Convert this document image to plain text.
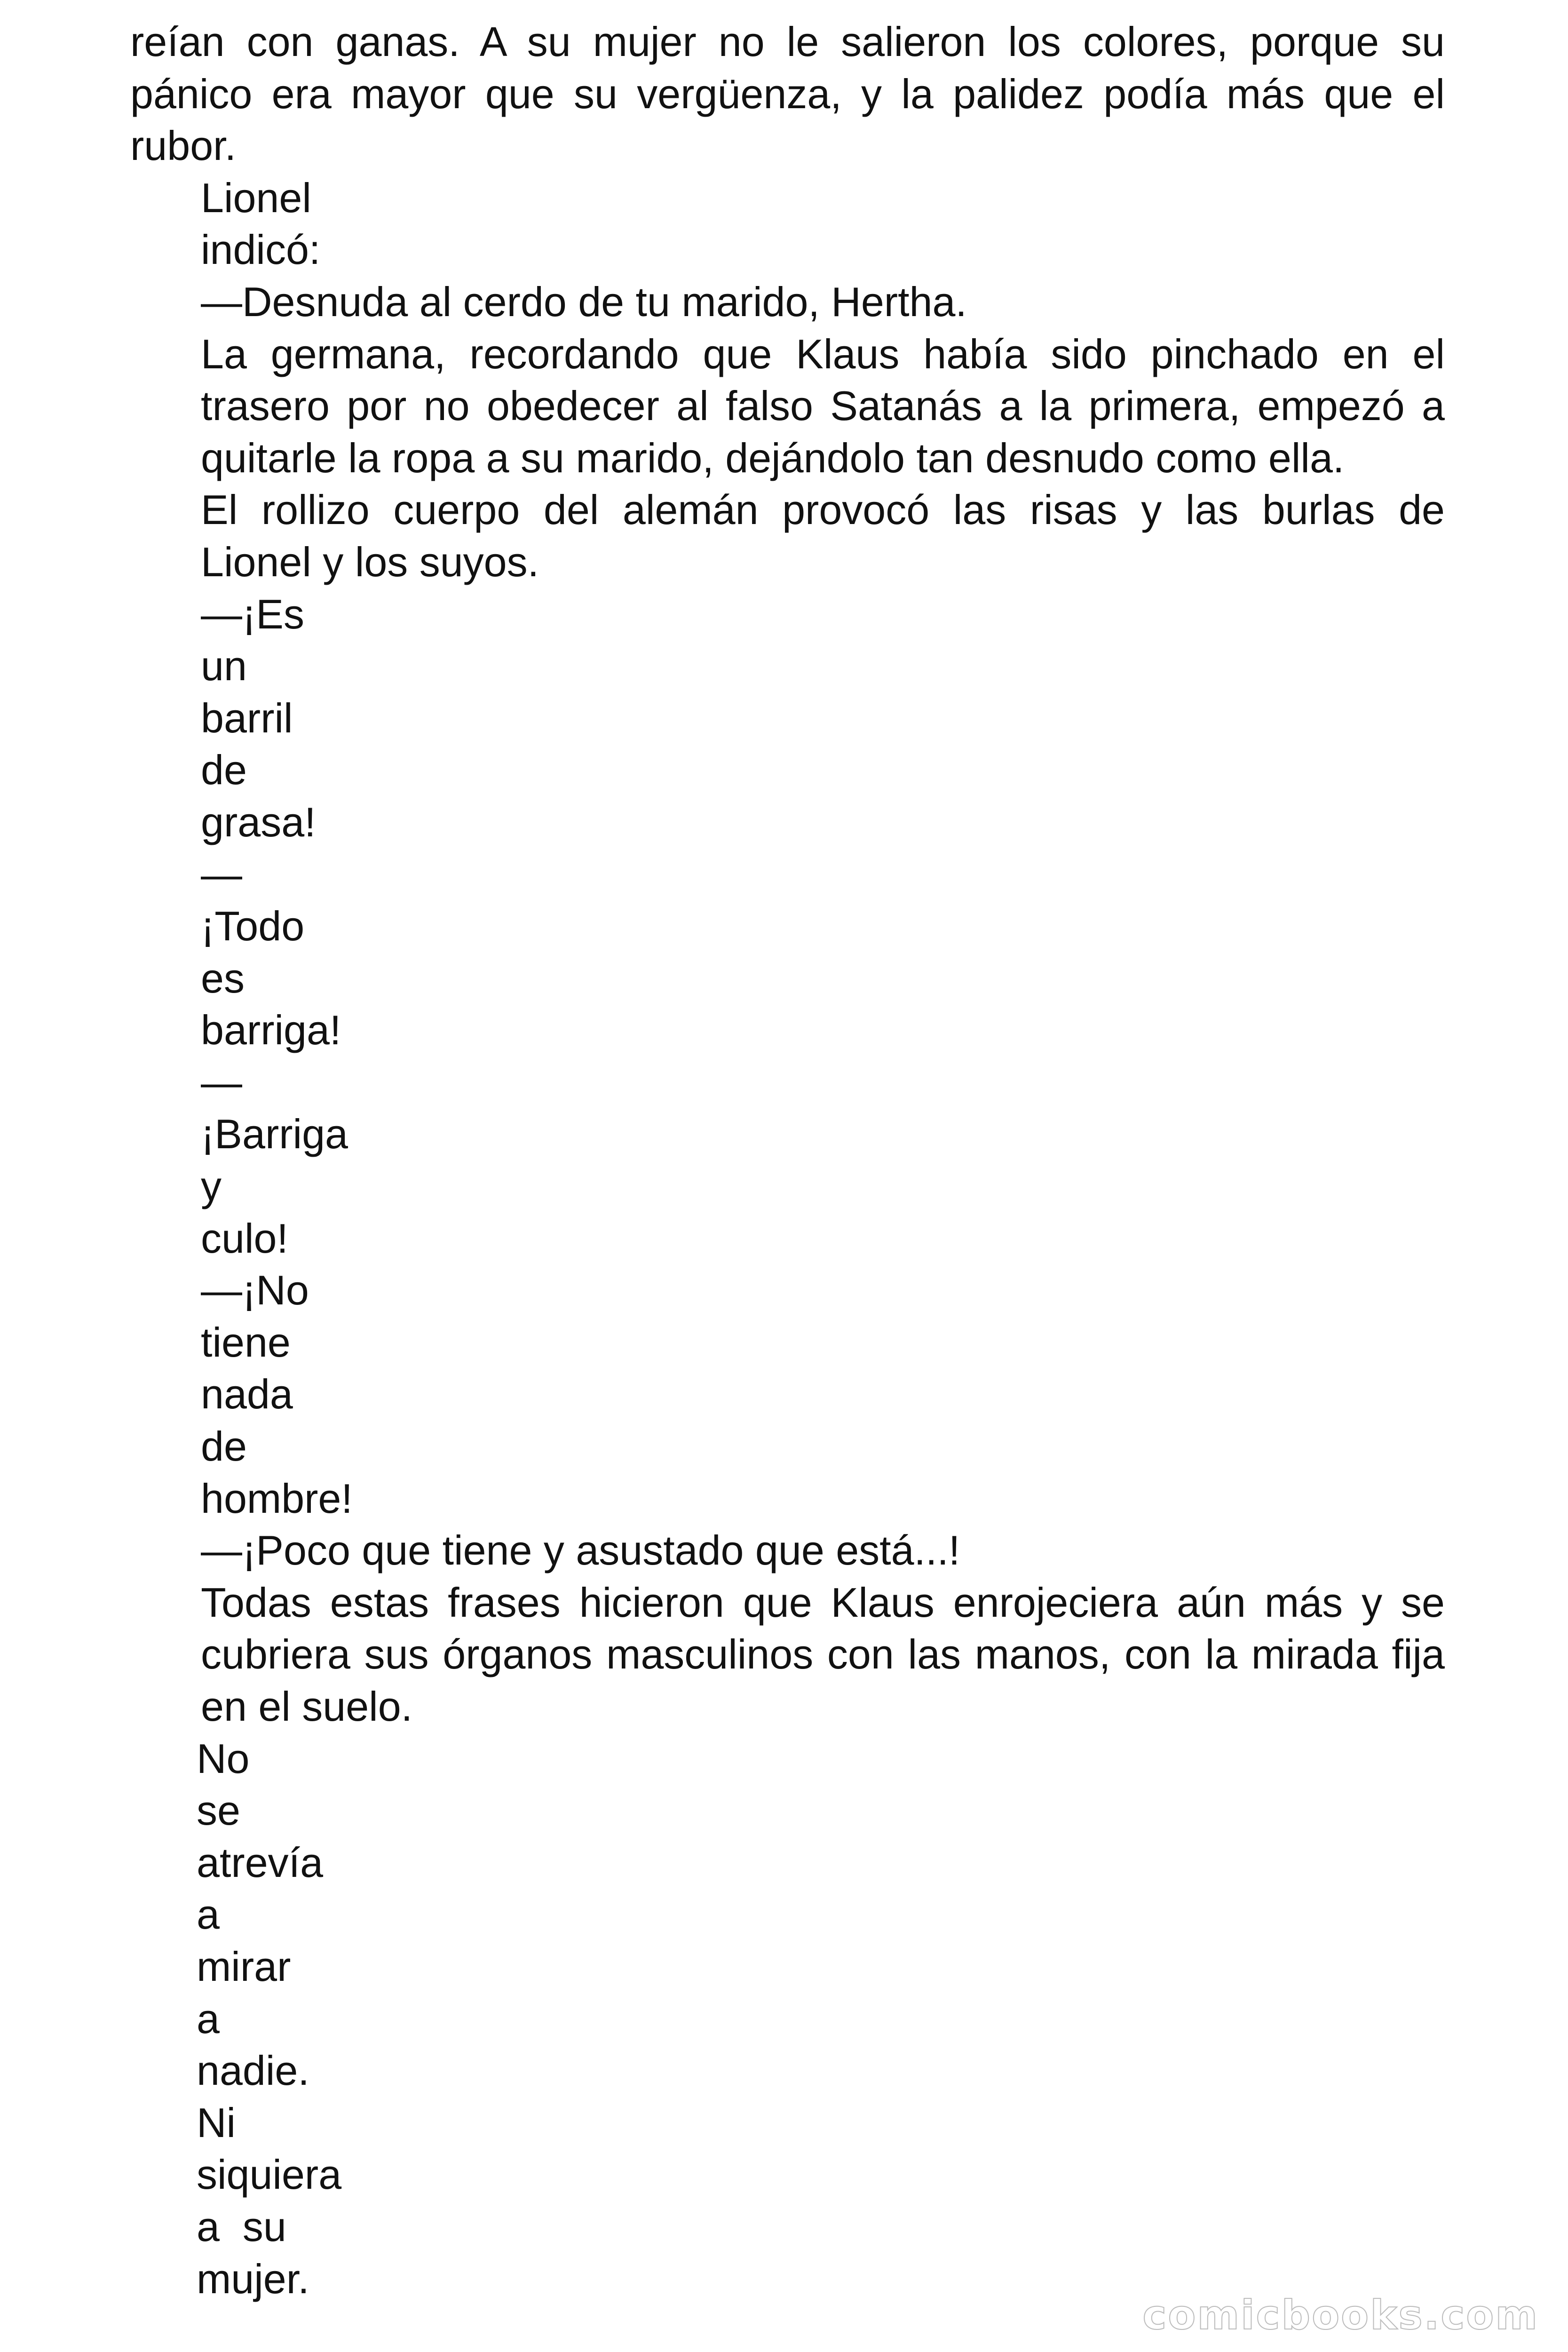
reían con ganas. A su mujer no le salieron los colores, porque su pánico era mayor que su vergüenza, y la palidez podía más que el rubor.

Lionel

indicó:

—Desnuda al cerdo de tu marido, Hertha.

La germana, recordando que Klaus había sido pinchado en el trasero por no obedecer al falso Satanás a la primera, empezó a quitarle la ropa a su marido, dejándolo tan desnudo como ella.

El rollizo cuerpo del alemán provocó las risas y las burlas de

Lionel y los suyos.

—¡Es

un

barril

de

grasa!

—

¡Todo

es

barriga!

—

¡Barriga

y

culo!

—¡No

tiene

nada

de

hombre!

—¡Poco que tiene y asustado que está...!

Todas estas frases hicieron que Klaus enrojeciera aún más y se cubriera sus órganos masculinos con las manos, con la mirada fija en el suelo.

No

se

atrevía

a

mirar

a

nadie.

Ni

siquiera

a  su

mujer.

comicbooks.com
